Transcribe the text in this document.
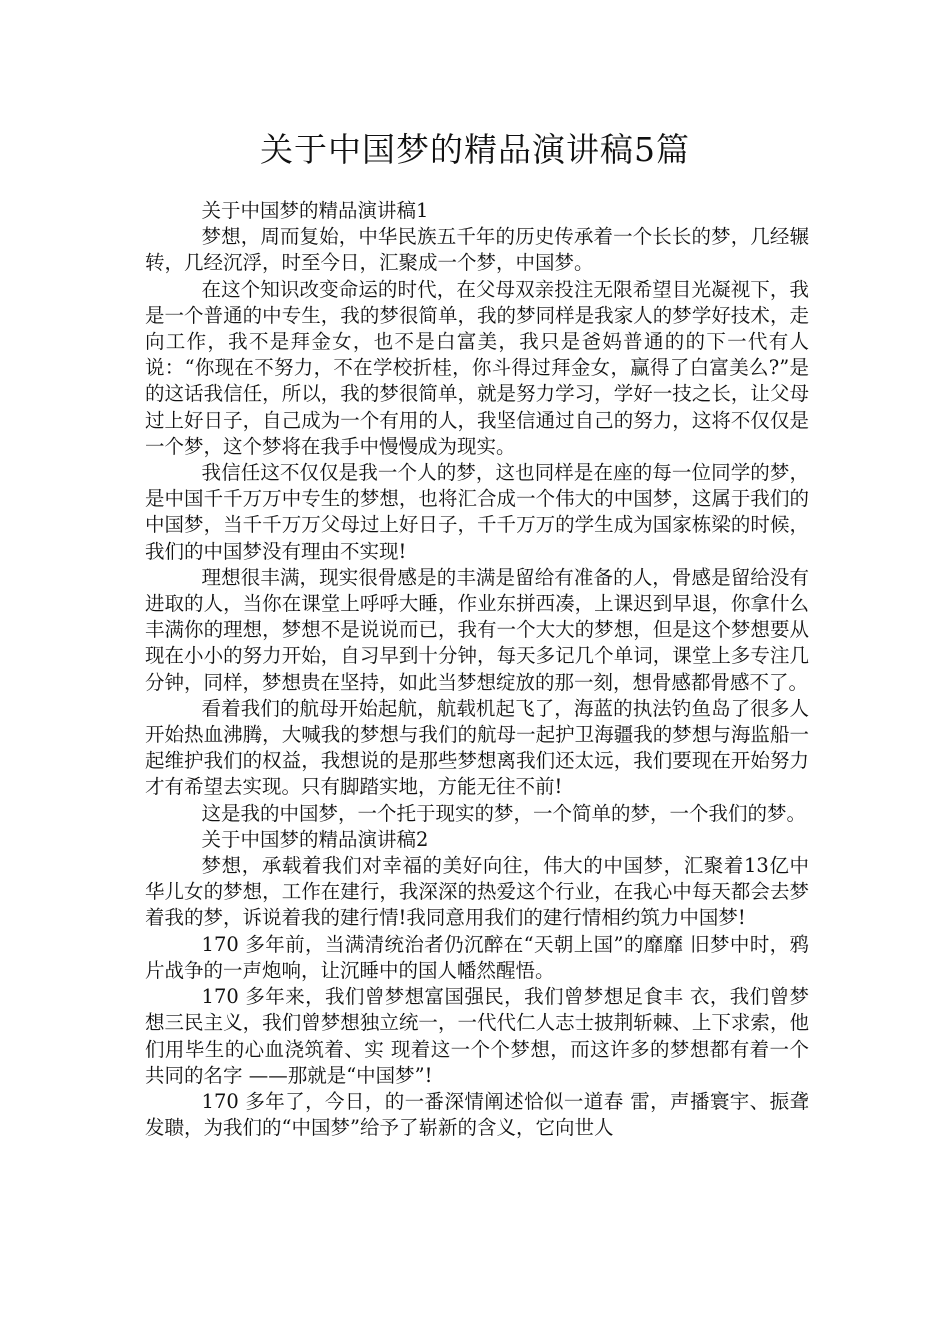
关于中国梦的精品演讲稿5篇

关于中国梦的精品演讲稿1

梦想，周而复始，中华民族五千年的历史传承着一个长长的梦，几经辗转，几经沉浮，时至今日，汇聚成一个梦，中国梦。

在这个知识改变命运的时代，在父母双亲投注无限希望目光凝视下，我是一个普通的中专生，我的梦很简单，我的梦同样是我家人的梦学好技术，走向工作，我不是拜金女，也不是白富美，我只是爸妈普通的的下一代有人说：“你现在不努力，不在学校折桂，你斗得过拜金女，赢得了白富美么?”是的这话我信任，所以，我的梦很简单，就是努力学习，学好一技之长，让父母过上好日子，自己成为一个有用的人，我坚信通过自己的努力，这将不仅仅是一个梦，这个梦将在我手中慢慢成为现实。

我信任这不仅仅是我一个人的梦，这也同样是在座的每一位同学的梦，是中国千千万万中专生的梦想，也将汇合成一个伟大的中国梦，这属于我们的中国梦，当千千万万父母过上好日子，千千万万的学生成为国家栋梁的时候，我们的中国梦没有理由不实现!

理想很丰满，现实很骨感是的丰满是留给有准备的人，骨感是留给没有进取的人，当你在课堂上呼呼大睡，作业东拼西凑，上课迟到早退，你拿什么丰满你的理想，梦想不是说说而已，我有一个大大的梦想，但是这个梦想要从现在小小的努力开始，自习早到十分钟，每天多记几个单词，课堂上多专注几分钟，同样，梦想贵在坚持，如此当梦想绽放的那一刻，想骨感都骨感不了。

看着我们的航母开始起航，航载机起飞了，海蓝的执法钓鱼岛了很多人开始热血沸腾，大喊我的梦想与我们的航母一起护卫海疆我的梦想与海监船一起维护我们的权益，我想说的是那些梦想离我们还太远，我们要现在开始努力才有希望去实现。只有脚踏实地，方能无往不前!

这是我的中国梦，一个托于现实的梦，一个简单的梦，一个我们的梦。

关于中国梦的精品演讲稿2

梦想，承载着我们对幸福的美好向往，伟大的中国梦，汇聚着13亿中华儿女的梦想，工作在建行，我深深的热爱这个行业，在我心中每天都会去梦着我的梦，诉说着我的建行情!我同意用我们的建行情相约筑力中国梦!

170 多年前，当满清统治者仍沉醉在“天朝上国”的靡靡 旧梦中时，鸦片战争的一声炮响，让沉睡中的国人幡然醒悟。

170 多年来，我们曾梦想富国强民，我们曾梦想足食丰 衣，我们曾梦想三民主义，我们曾梦想独立统一，一代代仁人志士披荆斩棘、上下求索，他们用毕生的心血浇筑着、实 现着这一个个梦想，而这许多的梦想都有着一个共同的名字 ——那就是“中国梦”!

170 多年了，今日，的一番深情阐述恰似一道春 雷，声播寰宇、振聋发聩，为我们的“中国梦”给予了崭新的含义，它向世人
